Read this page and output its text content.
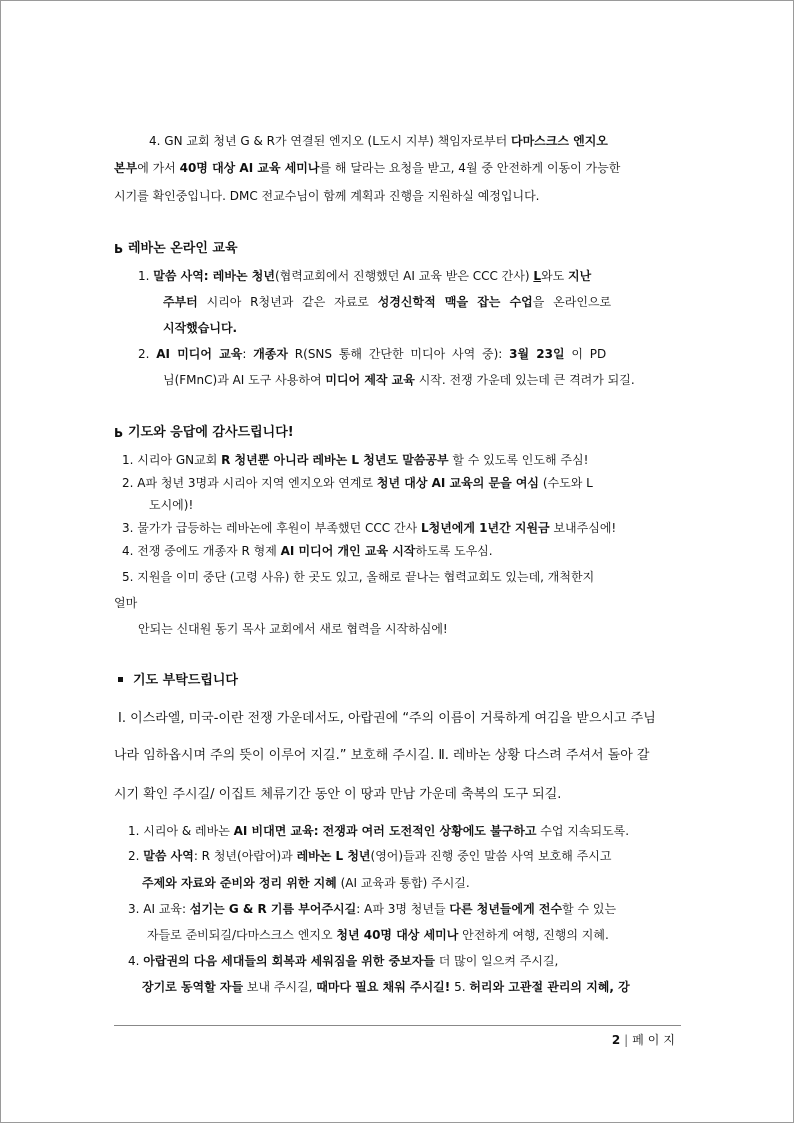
4. GN 교회 청년 G & R가 연결된 엔지오 (L도시 지부) 책임자로부터 다마스크스 엔지오
본부에 가서 40명 대상 AI 교육 세미나를 해 달라는 요청을 받고, 4월 중 안전하게 이동이 가능한
시기를 확인중입니다. DMC 전교수님이 함께 계획과 진행을 지원하실 예정입니다.
P 레바논 온라인 교육
1. 말씀 사역: 레바논 청년(협력교회에서 진행했던 AI 교육 받은 CCC 간사) L와도 지난
주부터 시리아 R청년과 같은 자료로 성경신학적 맥을 잡는 수업을 온라인으로
시작했습니다.
2. AI 미디어 교육: 개종자 R(SNS 통해 간단한 미디아 사역 중): 3월 23일 이 PD
님(FMnC)과 AI 도구 사용하여 미디어 제작 교육 시작. 전쟁 가운데 있는데 큰 격려가 되길.
P 기도와 응답에 감사드립니다!
1. 시리아 GN교회 R 청년뿐 아니라 레바논 L 청년도 말씀공부 할 수 있도록 인도해 주심!
2. A파 청년 3명과 시리아 지역 엔지오와 연계로 청년 대상 AI 교육의 문을 여심 (수도와 L
도시에)!
3. 물가가 급등하는 레바논에 후원이 부족했던 CCC 간사 L청년에게 1년간 지원금 보내주심에!
4. 전쟁 중에도 개종자 R 형제 AI 미디어 개인 교육 시작하도록 도우심.
5. 지원을 이미 중단 (고령 사유) 한 곳도 있고, 올해로 끝나는 협력교회도 있는데, 개척한지
얼마
안되는 신대원 동기 목사 교회에서 새로 협력을 시작하심에!
기도 부탁드립니다
I. 이스라엘, 미국-이란 전쟁 가운데서도, 아랍권에 “주의 이름이 거룩하게 여김을 받으시고 주님
나라 임하옵시며 주의 뜻이 이루어 지길.” 보호해 주시길. Ⅱ. 레바논 상황 다스려 주셔서 돌아 갈
시기 확인 주시길/ 이집트 체류기간 동안 이 땅과 만남 가운데 축복의 도구 되길.
1. 시리아 & 레바논 AI 비대면 교육: 전쟁과 여러 도전적인 상황에도 불구하고 수업 지속되도록.
2. 말씀 사역: R 청년(아랍어)과 레바논 L 청년(영어)들과 진행 중인 말씀 사역 보호해 주시고
주제와 자료와 준비와 정리 위한 지혜 (AI 교육과 통합) 주시길.
3. AI 교육: 섬기는 G & R 기름 부어주시길: A파 3명 청년들 다른 청년들에게 전수할 수 있는
자들로 준비되길/다마스크스 엔지오 청년 40명 대상 세미나 안전하게 여행, 진행의 지혜.
4. 아랍권의 다음 세대들의 회복과 세워짐을 위한 중보자들 더 많이 일으켜 주시길,
장기로 동역할 자들 보내 주시길, 때마다 필요 채워 주시길! 5. 허리와 고관절 관리의 지혜, 강
2 | 페이지
